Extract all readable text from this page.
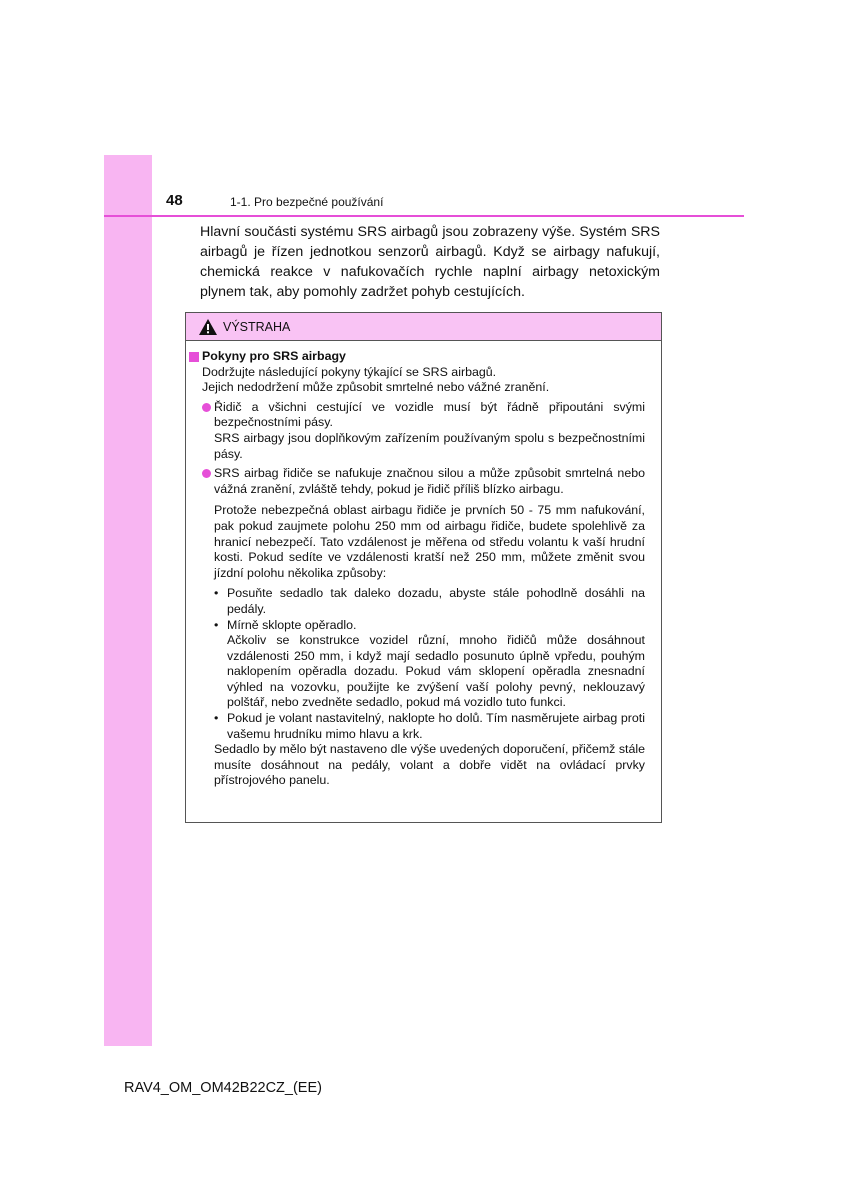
48	1-1. Pro bezpečné používání

Hlavní součásti systému SRS airbagů jsou zobrazeny výše. Systém SRS airbagů je řízen jednotkou senzorů airbagů. Když se airbagy nafukují, chemická reakce v nafukovačích rychle naplní airbagy netoxickým plynem tak, aby pomohly zadržet pohyb cestujících.

VÝSTRAHA
Pokyny pro SRS airbagy

Dodržujte následující pokyny týkající se SRS airbagů.

Jejich nedodržení může způsobit smrtelné nebo vážné zranění.

Řidič a všichni cestující ve vozidle musí být řádně připoutáni svými bezpečnostními pásy.

SRS airbagy jsou doplňkovým zařízením používaným spolu s bezpečnostními pásy.

SRS airbag řidiče se nafukuje značnou silou a může způsobit smrtelná nebo vážná zranění, zvláště tehdy, pokud je řidič příliš blízko airbagu.

Protože nebezpečná oblast airbagu řidiče je prvních 50 - 75 mm nafukování, pak pokud zaujmete polohu 250 mm od airbagu řidiče, budete spolehlivě za hranicí nebezpečí. Tato vzdálenost je měřena od středu volantu k vaší hrudní kosti. Pokud sedíte ve vzdálenosti kratší než 250 mm, můžete změnit svou jízdní polohu několika způsoby:

• Posuňte sedadlo tak daleko dozadu, abyste stále pohodlně dosáhli na pedály.

• Mírně sklopte opěradlo.

Ačkoliv se konstrukce vozidel různí, mnoho řidičů může dosáhnout vzdálenosti 250 mm, i když mají sedadlo posunuto úplně vpředu, pouhým naklopením opěradla dozadu. Pokud vám sklopení opěradla znesnadní výhled na vozovku, použijte ke zvýšení vaší polohy pevný, neklouzavý polštář, nebo zvedněte sedadlo, pokud má vozidlo tuto funkci.

• Pokud je volant nastavitelný, naklopte ho dolů. Tím nasměrujete airbag proti vašemu hrudníku mimo hlavu a krk.

Sedadlo by mělo být nastaveno dle výše uvedených doporučení, přičemž stále musíte dosáhnout na pedály, volant a dobře vidět na ovládací prvky přístrojového panelu.

RAV4_OM_OM42B22CZ_(EE)
